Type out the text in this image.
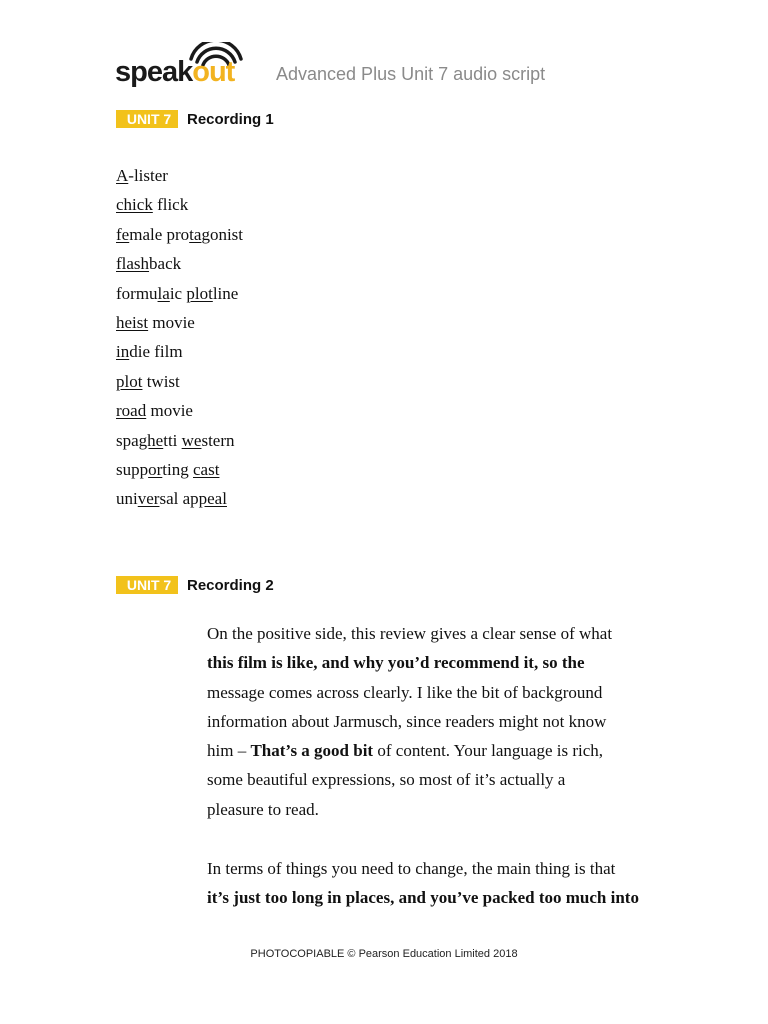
speakout Advanced Plus Unit 7 audio script
UNIT 7	Recording 1
A-lister
chick flick
female protagonist
flashback
formulaic plotline
heist movie
indie film
plot twist
road movie
spaghetti western
supporting cast
universal appeal
UNIT 7	Recording 2
On the positive side, this review gives a clear sense of what
this film is like, and why you’d recommend it, so the
message comes across clearly. I like the bit of background
information about Jarmusch, since readers might not know
him – That’s a good bit of content. Your language is rich,
some beautiful expressions, so most of it’s actually a
pleasure to read.
In terms of things you need to change, the main thing is that
it’s just too long in places, and you’ve packed too much into
PHOTOCOPIABLE © Pearson Education Limited 2018
